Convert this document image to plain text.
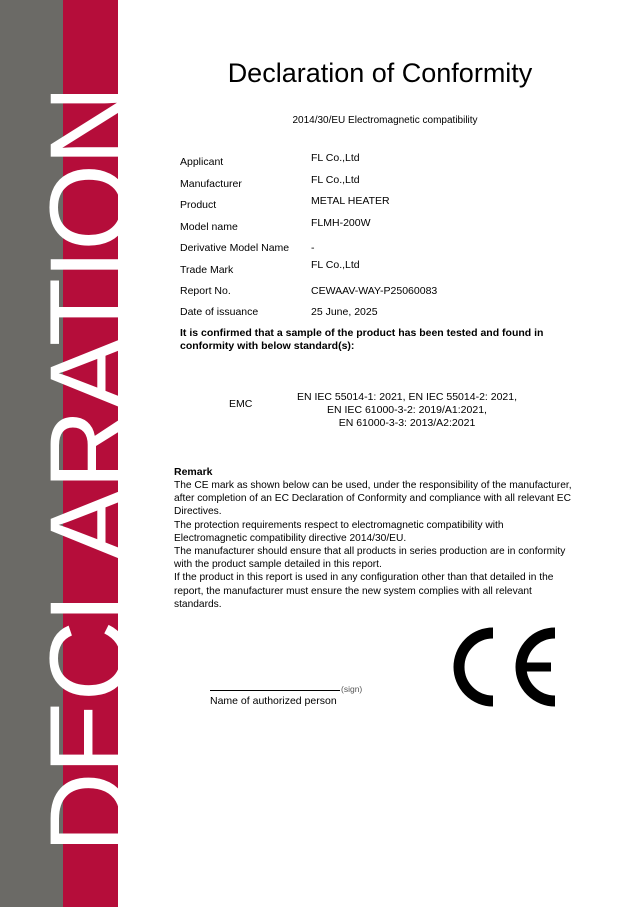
DECLARATION
Declaration of Conformity
2014/30/EU Electromagnetic compatibility
Applicant	FL Co.,Ltd
Manufacturer	FL Co.,Ltd
Product	METAL HEATER
Model name	FLMH-200W
Derivative Model Name -
Trade Mark	FL Co.,Ltd
Report No.	CEWAAV-WAY-P25060083
Date of issuance	25 June, 2025
It is confirmed that a sample of the product has been tested and found in conformity with below standard(s):
EMC
EN IEC 55014-1: 2021, EN IEC 55014-2: 2021,
EN IEC 61000-3-2: 2019/A1:2021,
EN 61000-3-3: 2013/A2:2021
Remark

The CE mark as shown below can be used, under the responsibility of the manufacturer, after completion of an EC Declaration of Conformity and compliance with all relevant EC Directives.

The protection requirements respect to electromagnetic compatibility with Electromagnetic compatibility directive 2014/30/EU.

The manufacturer should ensure that all products in series production are in conformity with the product sample detailed in this report.

If the product in this report is used in any configuration other than that detailed in the report, the manufacturer must ensure the new system complies with all relevant standards.

(sign)
Name of authorized person
